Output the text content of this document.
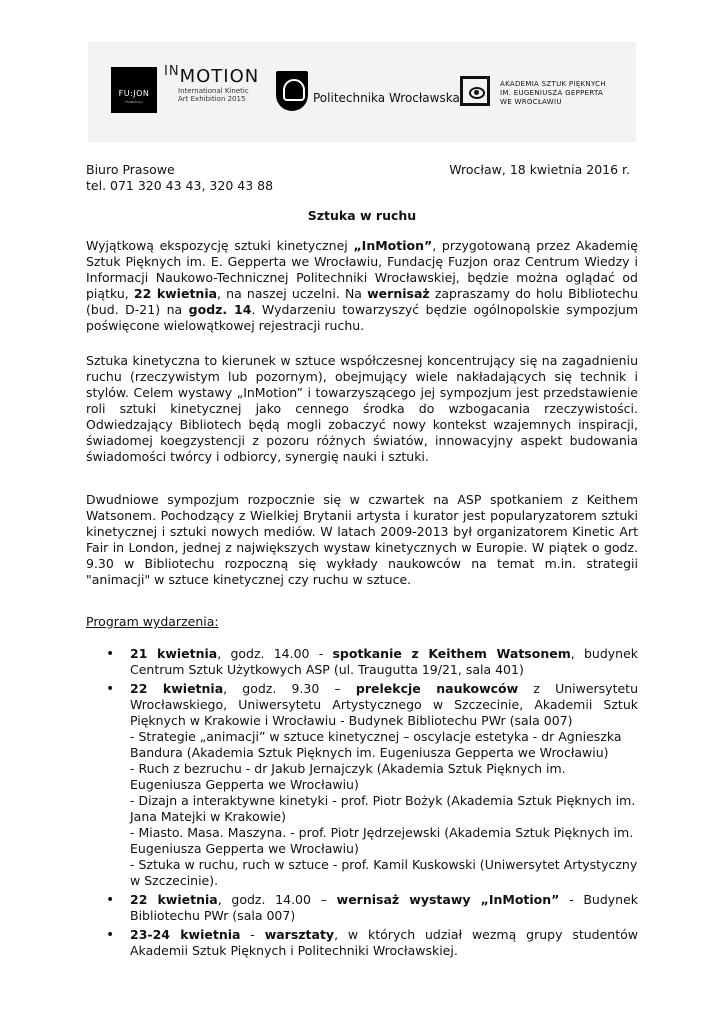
FU:JON
FUNDACJA
$^{IN}$MOTION
International Kinetic
Art Exhibition 2015	Politechnika Wrocławska
AKADEMIA SZTUK PIĘKNYCH
IM. EUGENIUSZA GEPPERTA
WE WROCŁAWIU
Biuro Prasowe
tel. 071 320 43 43, 320 43 88
Wrocław, 18 kwietnia 2016 r.
Sztuka w ruchu
Wyjątkową ekspozycję sztuki kinetycznej „InMotion”, przygotowaną przez Akademię Sztuk Pięknych im. E. Gepperta we Wrocławiu, Fundację Fuzjon oraz Centrum Wiedzy i Informacji Naukowo-Technicznej Politechniki Wrocławskiej, będzie można oglądać od piątku, 22 kwietnia, na naszej uczelni. Na wernisaż zapraszamy do holu Bibliotechu (bud. D-21) na godz. 14. Wydarzeniu towarzyszyć będzie ogólnopolskie sympozjum poświęcone wielowątkowej rejestracji ruchu.
Sztuka kinetyczna to kierunek w sztuce współczesnej koncentrujący się na zagadnieniu ruchu (rzeczywistym lub pozornym), obejmujący wiele nakładających się technik i stylów. Celem wystawy „InMotion” i towarzyszącego jej sympozjum jest przedstawienie roli sztuki kinetycznej jako cennego środka do wzbogacania rzeczywistości. Odwiedzający Bibliotech będą mogli zobaczyć nowy kontekst wzajemnych inspiracji, świadomej koegzystencji z pozoru różnych światów, innowacyjny aspekt budowania świadomości twórcy i odbiorcy, synergię nauki i sztuki.
Dwudniowe sympozjum rozpocznie się w czwartek na ASP spotkaniem z Keithem Watsonem. Pochodzący z Wielkiej Brytanii artysta i kurator jest popularyzatorem sztuki kinetycznej i sztuki nowych mediów. W latach 2009-2013 był organizatorem Kinetic Art Fair in London, jednej z największych wystaw kinetycznych w Europie. W piątek o godz. 9.30 w Bibliotechu rozpoczną się wykłady naukowców na temat m.in. strategii "animacji" w sztuce kinetycznej czy ruchu w sztuce.
Program wydarzenia:
• 21 kwietnia, godz. 14.00 - spotkanie z Keithem Watsonem, budynek Centrum Sztuk Użytkowych ASP (ul. Traugutta 19/21, sala 401)
• 22 kwietnia, godz. 9.30 – prelekcje naukowców z Uniwersytetu Wrocławskiego, Uniwersytetu Artystycznego w Szczecinie, Akademii Sztuk Pięknych w Krakowie i Wrocławiu - Budynek Bibliotechu PWr (sala 007)
- Strategie „animacji” w sztuce kinetycznej – oscylacje estetyka - dr Agnieszka Bandura (Akademia Sztuk Pięknych im. Eugeniusza Gepperta we Wrocławiu)
- Ruch z bezruchu - dr Jakub Jernajczyk (Akademia Sztuk Pięknych im. Eugeniusza Gepperta we Wrocławiu)
- Dizajn a interaktywne kinetyki - prof. Piotr Bożyk (Akademia Sztuk Pięknych im. Jana Matejki w Krakowie)
- Miasto. Masa. Maszyna. - prof. Piotr Jędrzejewski (Akademia Sztuk Pięknych im. Eugeniusza Gepperta we Wrocławiu)
- Sztuka w ruchu, ruch w sztuce - prof. Kamil Kuskowski (Uniwersytet Artystyczny w Szczecinie).
• 22 kwietnia, godz. 14.00 – wernisaż wystawy „InMotion” - Budynek Bibliotechu PWr (sala 007)
• 23-24 kwietnia - warsztaty, w których udział wezmą grupy studentów Akademii Sztuk Pięknych i Politechniki Wrocławskiej.
